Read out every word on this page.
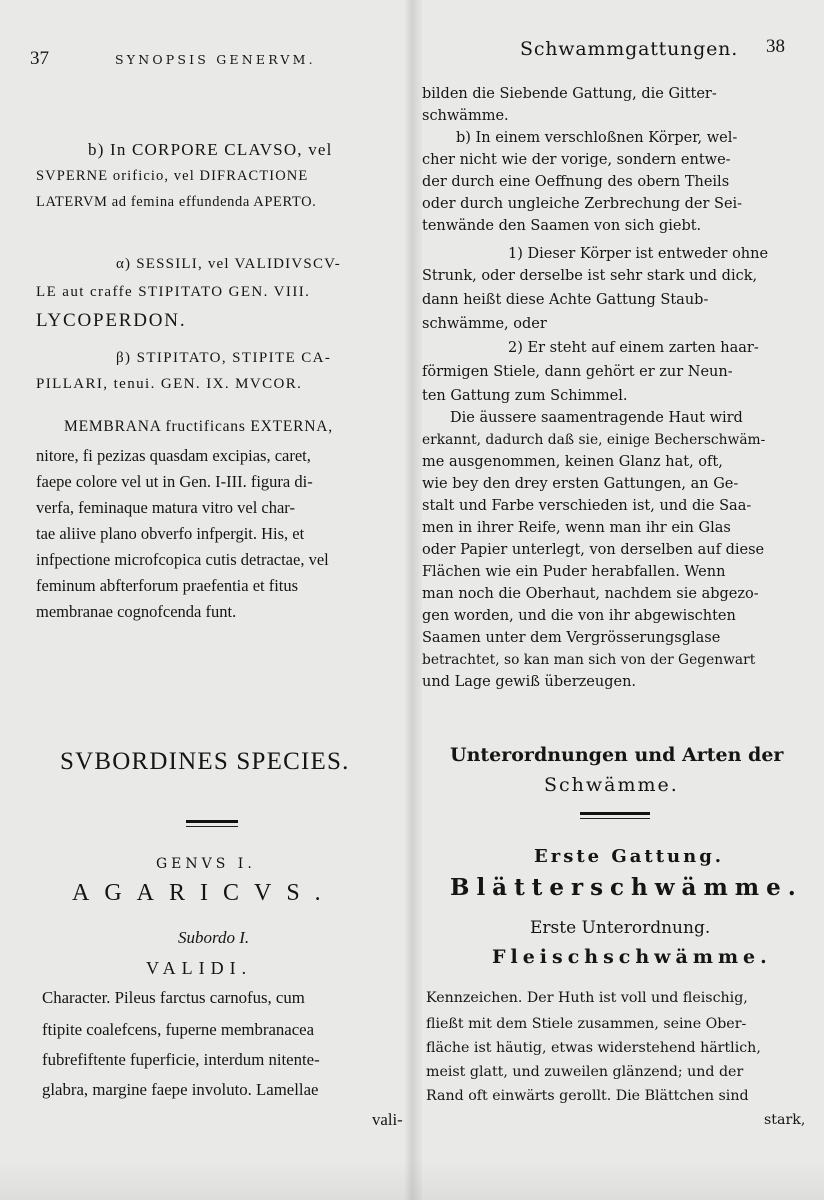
37	SYNOPSIS GENERVM.
b) In CORPORE CLAVSO, vel
SVPERNE orificio, vel DIFRACTIONE
LATERVM ad femina effundenda APERTO.
α) SESSILI, vel VALIDIVSCV-
LE aut craffe STIPITATO GEN. VIII.
LYCOPERDON.
β) STIPITATO, STIPITE CA-
PILLARI, tenui. GEN. IX. MVCOR.
MEMBRANA fructificans EXTERNA,
nitore, fi pezizas quasdam excipias, caret,
faepe colore vel ut in Gen. I-III. figura di-
verfa, feminaque matura vitro vel char-
tae aliive plano obverfo infpergit. His, et
infpectione microfcopica cutis detractae, vel
feminum abfterforum praefentia et fitus
membranae cognofcenda funt.
SVBORDINES SPECIES.
GENVS I.
AGARICVS.
Subordo I.
VALIDI.
Character. Pileus farctus carnofus, cum
ftipite coalefcens, fuperne membranacea
fubrefiftente fuperficie, interdum nitente-
glabra, margine faepe involuto. Lamellae
vali-
Schwammgattungen. 38
bilden die Siebende Gattung, die Gitter-
schwämme.
b) In einem verschloßnen Körper, wel-
cher nicht wie der vorige, sondern entwe-
der durch eine Oeffnung des obern Theils
oder durch ungleiche Zerbrechung der Sei-
tenwände den Saamen von sich giebt.
1) Dieser Körper ist entweder ohne
Strunk, oder derselbe ist sehr stark und dick,
dann heißt diese Achte Gattung Staub-
schwämme, oder
2) Er steht auf einem zarten haar-
förmigen Stiele, dann gehört er zur Neun-
ten Gattung zum Schimmel.
Die äussere saamentragende Haut wird
erkannt, dadurch daß sie, einige Becherschwäm-
me ausgenommen, keinen Glanz hat, oft,
wie bey den drey ersten Gattungen, an Ge-
stalt und Farbe verschieden ist, und die Saa-
men in ihrer Reife, wenn man ihr ein Glas
oder Papier unterlegt, von derselben auf diese
Flächen wie ein Puder herabfallen. Wenn
man noch die Oberhaut, nachdem sie abgezo-
gen worden, und die von ihr abgewischten
Saamen unter dem Vergrösserungsglase
betrachtet, so kan man sich von der Gegenwart
und Lage gewiß überzeugen.
Unterordnungen und Arten der
Schwämme.
Erste Gattung.
Blätterschwämme.
Erste Unterordnung.
Fleischschwämme.
Kennzeichen. Der Huth ist voll und fleischig,
fließt mit dem Stiele zusammen, seine Ober-
fläche ist häutig, etwas widerstehend härtlich,
meist glatt, und zuweilen glänzend; und der
Rand oft einwärts gerollt. Die Blättchen sind
stark,
